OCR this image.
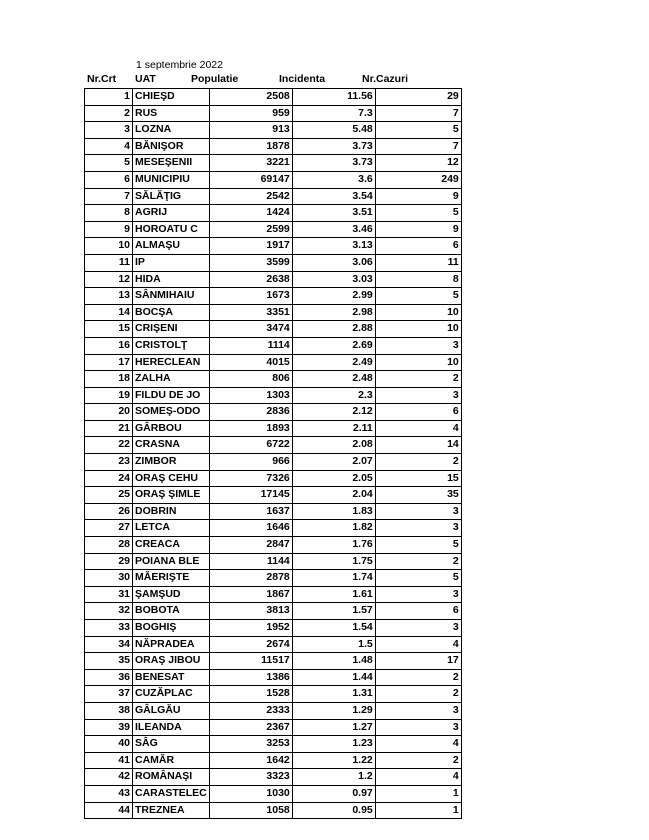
1 septembrie 2022
Nr.Crt UAT	Populatie	Incidenta	Nr.Cazuri
1	CHIEŞD	2508	11.56	29
2	RUS	959	7.3	7
3	LOZNA	913	5.48	5
4	BĂNIŞOR	1878	3.73	7
5	MESEŞENII	3221	3.73	12
6	MUNICIPIU	69147	3.6	249
7	SĂLĂŢIG	2542	3.54	9
8	AGRIJ	1424	3.51	5
9	HOROATU C	2599	3.46	9
10	ALMAŞU	1917	3.13	6
11	IP	3599	3.06	11
12	HIDA	2638	3.03	8
13	SÂNMIHAIU	1673	2.99	5
14	BOCŞA	3351	2.98	10
15	CRIŞENI	3474	2.88	10
16	CRISTOLŢ	1114	2.69	3
17	HERECLEAN	4015	2.49	10
18	ZALHA	806	2.48	2
19	FILDU DE JO	1303	2.3	3
20	SOMEŞ-ODO	2836	2.12	6
21	GÂRBOU	1893	2.11	4
22	CRASNA	6722	2.08	14
23	ZIMBOR	966	2.07	2
24	ORAŞ CEHU	7326	2.05	15
25	ORAŞ ŞIMLE	17145	2.04	35
26	DOBRIN	1637	1.83	3
27	LETCA	1646	1.82	3
28	CREACA	2847	1.76	5
29	POIANA BLE	1144	1.75	2
30	MĂERIŞTE	2878	1.74	5
31	ŞAMŞUD	1867	1.61	3
32	BOBOTA	3813	1.57	6
33	BOGHIŞ	1952	1.54	3
34	NĂPRADEA	2674	1.5	4
35	ORAŞ JIBOU	11517	1.48	17
36	BENESAT	1386	1.44	2
37	CUZĂPLAC	1528	1.31	2
38	GÂLGĂU	2333	1.29	3
39	ILEANDA	2367	1.27	3
40	SÂG	3253	1.23	4
41	CAMĂR	1642	1.22	2
42	ROMÂNAŞI	3323	1.2	4
43	CARASTELEC	1030	0.97	1
44	TREZNEA	1058	0.95	1
